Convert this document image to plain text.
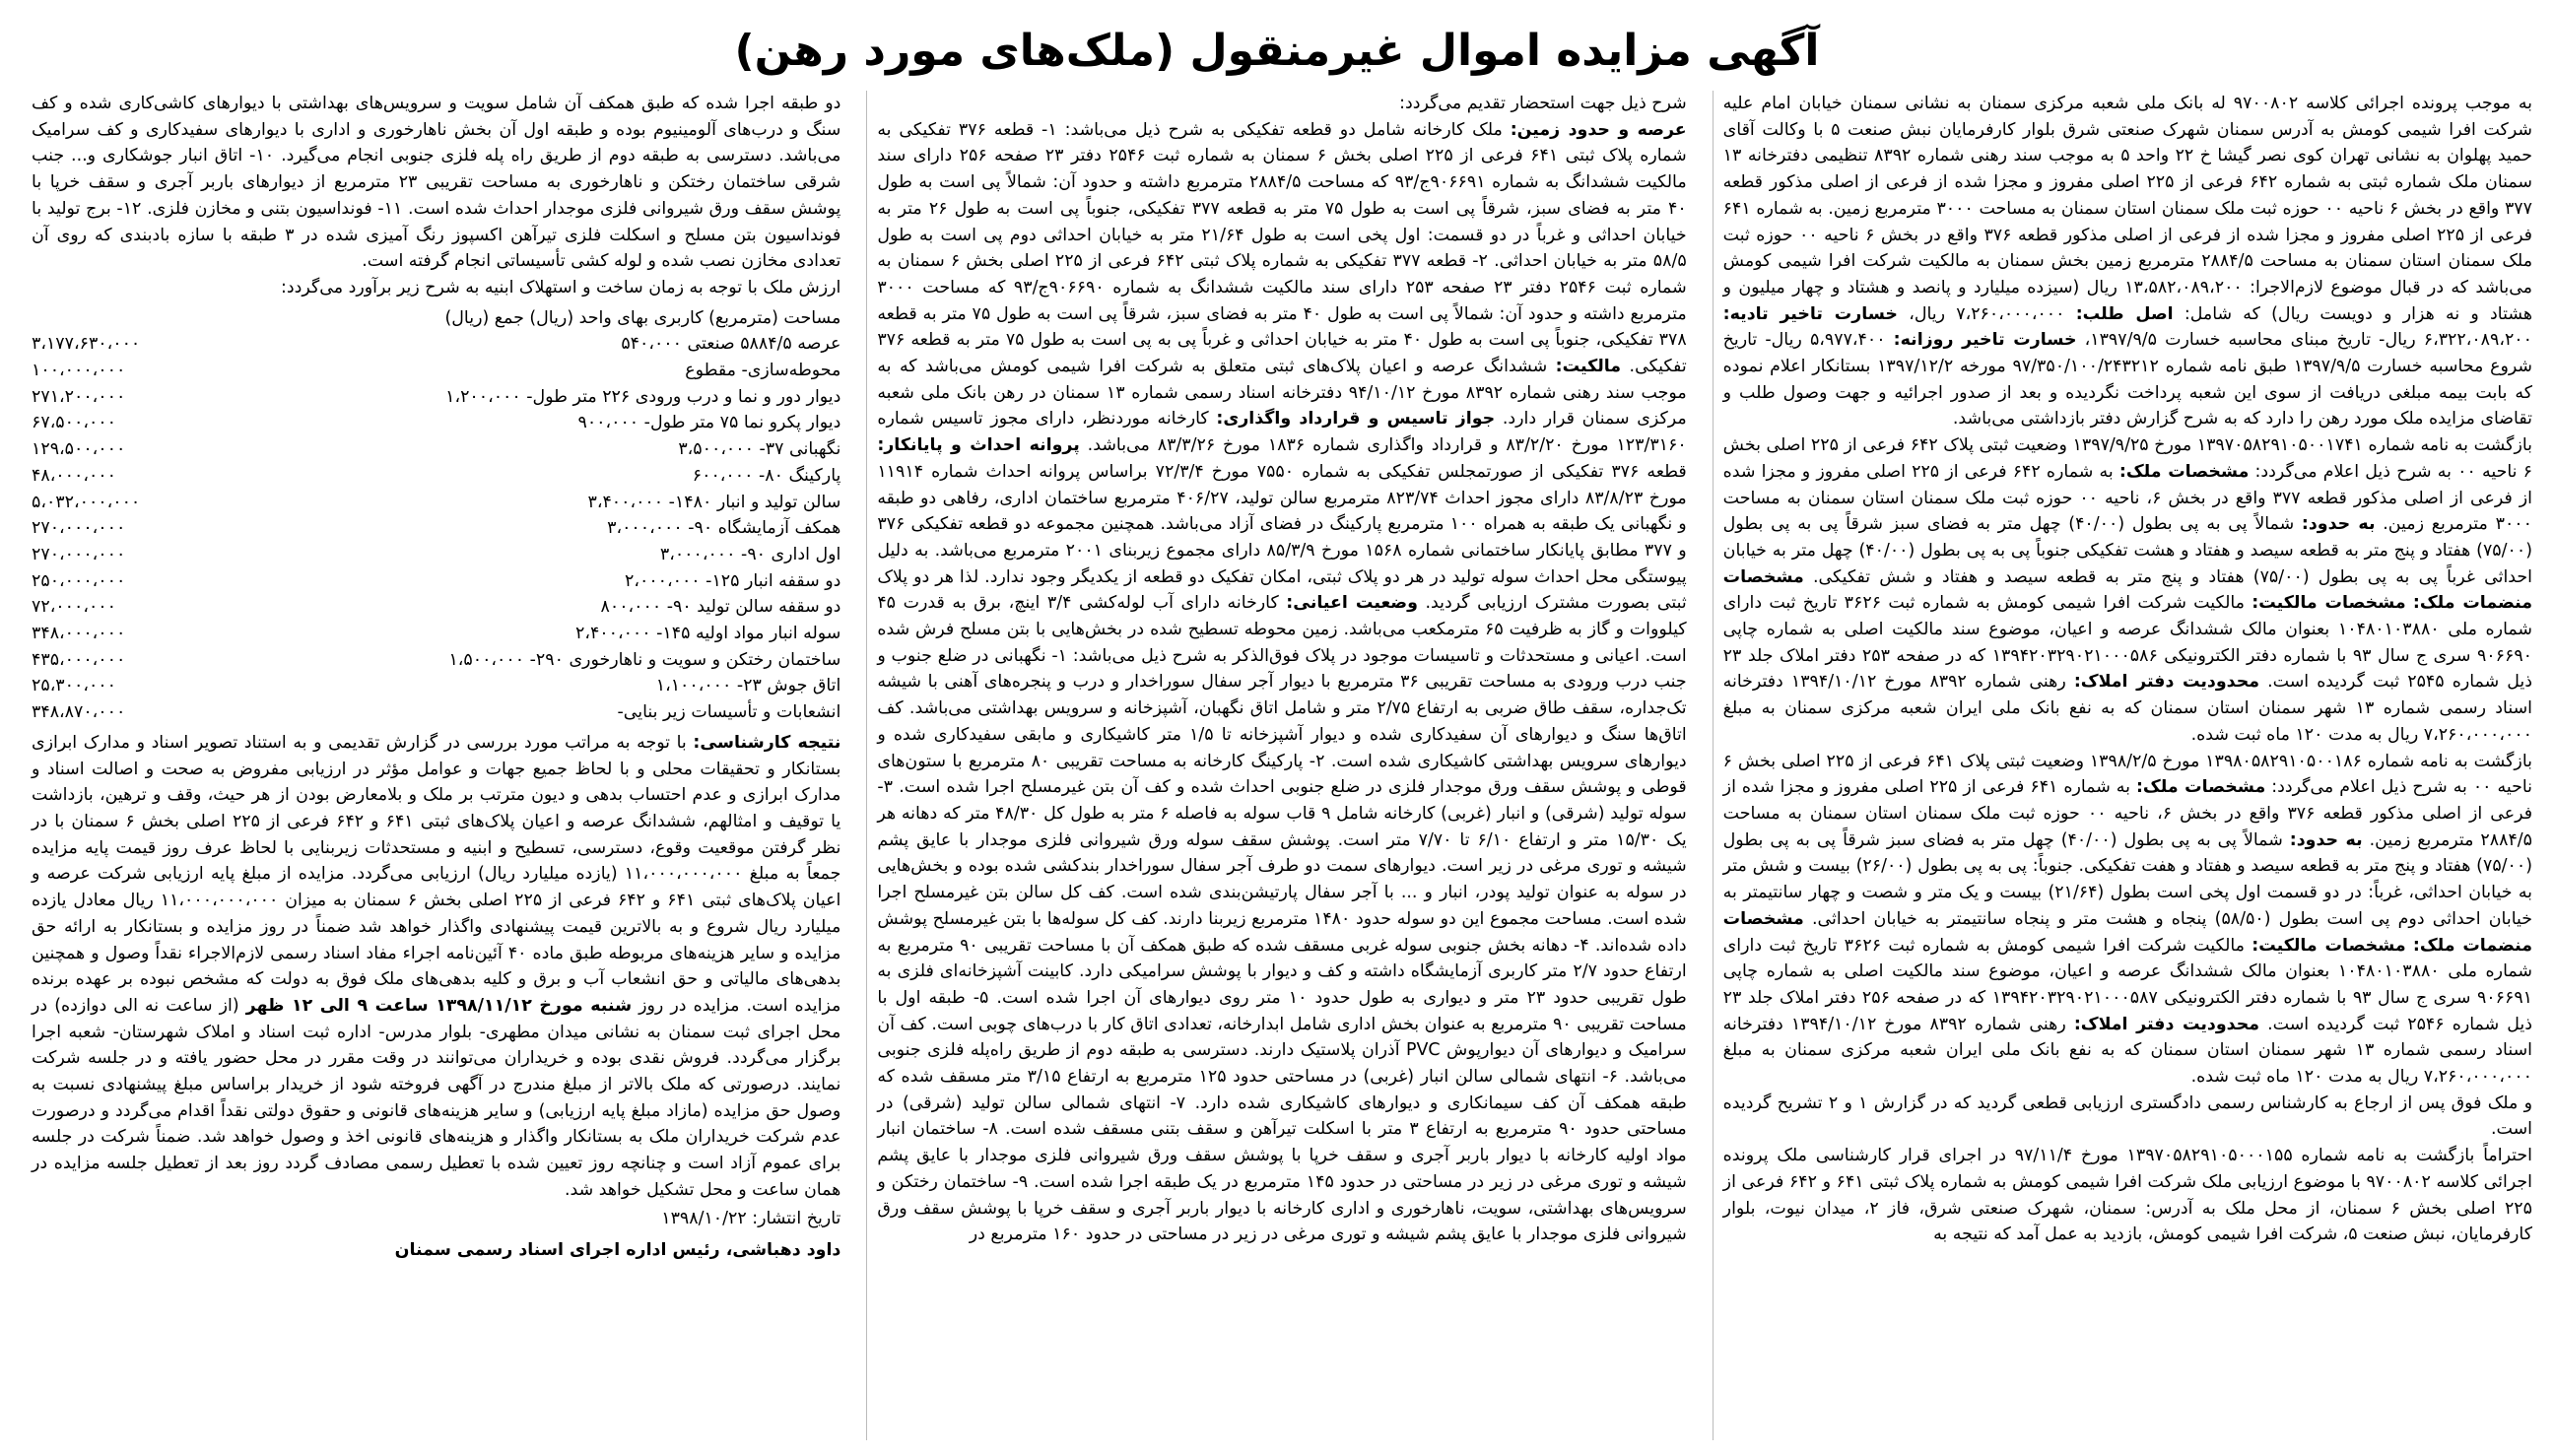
آگهی مزایده اموال غیرمنقول (ملک‌های مورد رهن)

به موجب پرونده اجرائی کلاسه ۹۷۰۰۸۰۲ له بانک ملی شعبه مرکزی سمنان به نشانی سمنان خیابان امام علیه شرکت افرا شیمی کومش به آدرس سمنان شهرک صنعتی شرق بلوار کارفرمایان نبش صنعت ۵ با وکالت آقای حمید پهلوان به نشانی تهران کوی نصر گیشا خ ۲۲ واحد ۵ به موجب سند رهنی شماره ۸۳۹۲ تنظیمی دفترخانه ۱۳ سمنان ملک شماره ثبتی به شماره ۶۴۲ فرعی از ۲۲۵ اصلی مفروز و مجزا شده از فرعی از اصلی مذکور قطعه ۳۷۷ واقع در بخش ۶ ناحیه ۰۰ حوزه ثبت ملک سمنان استان سمنان به مساحت ۳۰۰۰ مترمربع زمین. به شماره ۶۴۱ فرعی از ۲۲۵ اصلی مفروز و مجزا شده از فرعی از اصلی مذکور قطعه ۳۷۶ واقع در بخش ۶ ناحیه ۰۰ حوزه ثبت ملک سمنان استان سمنان به مساحت ۲۸۸۴/۵ مترمربع زمین بخش سمنان به مالکیت شرکت افرا شیمی کومش می‌باشد که در قبال موضوع لازم‌الاجرا: ۱۳،۵۸۲،۰۸۹،۲۰۰ ریال (سیزده میلیارد و پانصد و هشتاد و چهار میلیون و هشتاد و نه هزار و دویست ریال) که شامل: اصل طلب: ۷،۲۶۰،۰۰۰،۰۰۰ ریال، خسارت تاخیر تادیه: ۶،۳۲۲،۰۸۹،۲۰۰ ریال- تاریخ مبنای محاسبه خسارت ۱۳۹۷/۹/۵، خسارت تاخیر روزانه: ۵،۹۷۷،۴۰۰ ریال- تاریخ شروع محاسبه خسارت ۱۳۹۷/۹/۵ طبق نامه شماره ۹۷/۳۵۰/۱۰۰/۲۴۳۲۱۲ مورخه ۱۳۹۷/۱۲/۲ بستانکار اعلام نموده که بابت بیمه مبلغی دریافت از سوی این شعبه پرداخت نگردیده و بعد از صدور اجرائیه و جهت وصول طلب و تقاضای مزایده ملک مورد رهن را دارد که به شرح گزارش دفتر بازداشتی می‌باشد.

بازگشت به نامه شماره ۱۳۹۷۰۵۸۲۹۱۰۵۰۰۱۷۴۱ مورخ ۱۳۹۷/۹/۲۵ وضعیت ثبتی پلاک ۶۴۲ فرعی از ۲۲۵ اصلی بخش ۶ ناحیه ۰۰ به شرح ذیل اعلام می‌گردد: مشخصات ملک: به شماره ۶۴۲ فرعی از ۲۲۵ اصلی مفروز و مجزا شده از فرعی از اصلی مذکور قطعه ۳۷۷ واقع در بخش ۶، ناحیه ۰۰ حوزه ثبت ملک سمنان استان سمنان به مساحت ۳۰۰۰ مترمربع زمین. به حدود: شمالاً پی به پی بطول (۴۰/۰۰) چهل متر به فضای سبز شرقاً پی به پی بطول (۷۵/۰۰) هفتاد و پنج متر به قطعه سیصد و هفتاد و هشت تفکیکی جنوباً پی به پی بطول (۴۰/۰۰) چهل متر به خیابان احداثی غرباً پی به پی بطول (۷۵/۰۰) هفتاد و پنج متر به قطعه سیصد و هفتاد و شش تفکیکی. مشخصات منضمات ملک: مشخصات مالکیت: مالکیت شرکت افرا شیمی کومش به شماره ثبت ۳۶۲۶ تاریخ ثبت دارای شماره ملی ۱۰۴۸۰۱۰۳۸۸۰ بعنوان مالک ششدانگ عرصه و اعیان، موضوع سند مالکیت اصلی به شماره چاپی ۹۰۶۶۹۰ سری ج سال ۹۳ با شماره دفتر الکترونیکی ۱۳۹۴۲۰۳۲۹۰۲۱۰۰۰۵۸۶ که در صفحه ۲۵۳ دفتر املاک جلد ۲۳ ذیل شماره ۲۵۴۵ ثبت گردیده است. محدودیت دفتر املاک: رهنی شماره ۸۳۹۲ مورخ ۱۳۹۴/۱۰/۱۲ دفترخانه اسناد رسمی شماره ۱۳ شهر سمنان استان سمنان که به نفع بانک ملی ایران شعبه مرکزی سمنان به مبلغ ۷،۲۶۰،۰۰۰،۰۰۰ ریال به مدت ۱۲۰ ماه ثبت شده.

بازگشت به نامه شماره ۱۳۹۸۰۵۸۲۹۱۰۵۰۰۱۸۶ مورخ ۱۳۹۸/۲/۵ وضعیت ثبتی پلاک ۶۴۱ فرعی از ۲۲۵ اصلی بخش ۶ ناحیه ۰۰ به شرح ذیل اعلام می‌گردد: مشخصات ملک: به شماره ۶۴۱ فرعی از ۲۲۵ اصلی مفروز و مجزا شده از فرعی از اصلی مذکور قطعه ۳۷۶ واقع در بخش ۶، ناحیه ۰۰ حوزه ثبت ملک سمنان استان سمنان به مساحت ۲۸۸۴/۵ مترمربع زمین. به حدود: شمالاً پی به پی بطول (۴۰/۰۰) چهل متر به فضای سبز شرقاً پی به پی بطول (۷۵/۰۰) هفتاد و پنج متر به قطعه سیصد و هفتاد و هفت تفکیکی. جنوباً: پی به پی بطول (۲۶/۰۰) بیست و شش متر به خیابان احداثی، غرباً: در دو قسمت اول پخی است بطول (۲۱/۶۴) بیست و یک متر و شصت و چهار سانتیمتر به خیابان احداثی دوم پی است بطول (۵۸/۵۰) پنجاه و هشت متر و پنجاه سانتیمتر به خیابان احداثی. مشخصات منضمات ملک: مشخصات مالکیت: مالکیت شرکت افرا شیمی کومش به شماره ثبت ۳۶۲۶ تاریخ ثبت دارای شماره ملی ۱۰۴۸۰۱۰۳۸۸۰ بعنوان مالک ششدانگ عرصه و اعیان، موضوع سند مالکیت اصلی به شماره چاپی ۹۰۶۶۹۱ سری ج سال ۹۳ با شماره دفتر الکترونیکی ۱۳۹۴۲۰۳۲۹۰۲۱۰۰۰۵۸۷ که در صفحه ۲۵۶ دفتر املاک جلد ۲۳ ذیل شماره ۲۵۴۶ ثبت گردیده است. محدودیت دفتر املاک: رهنی شماره ۸۳۹۲ مورخ ۱۳۹۴/۱۰/۱۲ دفترخانه اسناد رسمی شماره ۱۳ شهر سمنان استان سمنان که به نفع بانک ملی ایران شعبه مرکزی سمنان به مبلغ ۷،۲۶۰،۰۰۰،۰۰۰ ریال به مدت ۱۲۰ ماه ثبت شده.

و ملک فوق پس از ارجاع به کارشناس رسمی دادگستری ارزیابی قطعی گردید که در گزارش ۱ و ۲ تشریح گردیده است.

احتراماً بازگشت به نامه شماره ۱۳۹۷۰۵۸۲۹۱۰۵۰۰۰۱۵۵ مورخ ۹۷/۱۱/۴ در اجرای قرار کارشناسی ملک پرونده اجرائی کلاسه ۹۷۰۰۸۰۲ با موضوع ارزیابی ملک شرکت افرا شیمی کومش به شماره پلاک ثبتی ۶۴۱ و ۶۴۲ فرعی از ۲۲۵ اصلی بخش ۶ سمنان، از محل ملک به آدرس: سمنان، شهرک صنعتی شرق، فاز ۲، میدان نیوت، بلوار کارفرمایان، نبش صنعت ۵، شرکت افرا شیمی کومش، بازدید به عمل آمد که نتیجه به

شرح ذیل جهت استحضار تقدیم می‌گردد:

عرصه و حدود زمین: ملک کارخانه شامل دو قطعه تفکیکی به شرح ذیل می‌باشد: ۱- قطعه ۳۷۶ تفکیکی به شماره پلاک ثبتی ۶۴۱ فرعی از ۲۲۵ اصلی بخش ۶ سمنان به شماره ثبت ۲۵۴۶ دفتر ۲۳ صفحه ۲۵۶ دارای سند مالکیت ششدانگ به شماره ۹۰۶۶۹۱ج/۹۳ که مساحت ۲۸۸۴/۵ مترمربع داشته و حدود آن: شمالاً پی است به طول ۴۰ متر به فضای سبز، شرقاً پی است به طول ۷۵ متر به قطعه ۳۷۷ تفکیکی، جنوباً پی است به طول ۲۶ متر به خیابان احداثی و غرباً در دو قسمت: اول پخی است به طول ۲۱/۶۴ متر به خیابان احداثی دوم پی است به طول ۵۸/۵ متر به خیابان احداثی. ۲- قطعه ۳۷۷ تفکیکی به شماره پلاک ثبتی ۶۴۲ فرعی از ۲۲۵ اصلی بخش ۶ سمنان به شماره ثبت ۲۵۴۶ دفتر ۲۳ صفحه ۲۵۳ دارای سند مالکیت ششدانگ به شماره ۹۰۶۶۹۰ج/۹۳ که مساحت ۳۰۰۰ مترمربع داشته و حدود آن: شمالاً پی است به طول ۴۰ متر به فضای سبز، شرقاً پی است به طول ۷۵ متر به قطعه ۳۷۸ تفکیکی، جنوباً پی است به طول ۴۰ متر به خیابان احداثی و غرباً پی به پی است به طول ۷۵ متر به قطعه ۳۷۶ تفکیکی. مالکیت: ششدانگ عرصه و اعیان پلاک‌های ثبتی متعلق به شرکت افرا شیمی کومش می‌باشد که به موجب سند رهنی شماره ۸۳۹۲ مورخ ۹۴/۱۰/۱۲ دفترخانه اسناد رسمی شماره ۱۳ سمنان در رهن بانک ملی شعبه مرکزی سمنان قرار دارد. جواز تاسیس و قرارداد واگذاری: کارخانه موردنظر، دارای مجوز تاسیس شماره ۱۲۳/۳۱۶۰ مورخ ۸۳/۲/۲۰ و قرارداد واگذاری شماره ۱۸۳۶ مورخ ۸۳/۳/۲۶ می‌باشد. پروانه احداث و پایانکار: قطعه ۳۷۶ تفکیکی از صورتمجلس تفکیکی به شماره ۷۵۵۰ مورخ ۷۲/۳/۴ براساس پروانه احداث شماره ۱۱۹۱۴ مورخ ۸۳/۸/۲۳ دارای مجوز احداث ۸۲۳/۷۴ مترمربع سالن تولید، ۴۰۶/۲۷ مترمربع ساختمان اداری، رفاهی دو طبقه و نگهبانی یک طبقه به همراه ۱۰۰ مترمربع پارکینگ در فضای آزاد می‌باشد. همچنین مجموعه دو قطعه تفکیکی ۳۷۶ و ۳۷۷ مطابق پایانکار ساختمانی شماره ۱۵۶۸ مورخ ۸۵/۳/۹ دارای مجموع زیربنای ۲۰۰۱ مترمربع می‌باشد. به دلیل پیوستگی محل احداث سوله تولید در هر دو پلاک ثبتی، امکان تفکیک دو قطعه از یکدیگر وجود ندارد. لذا هر دو پلاک ثبتی بصورت مشترک ارزیابی گردید. وضعیت اعیانی: کارخانه دارای آب لوله‌کشی ۳/۴ اینچ، برق به قدرت ۴۵ کیلووات و گاز به ظرفیت ۶۵ مترمکعب می‌باشد. زمین محوطه تسطیح شده در بخش‌هایی با بتن مسلح فرش شده است. اعیانی و مستحدثات و تاسیسات موجود در پلاک فوق‌الذکر به شرح ذیل می‌باشد: ۱- نگهبانی در ضلع جنوب و جنب درب ورودی به مساحت تقریبی ۳۶ مترمربع با دیوار آجر سفال سوراخدار و درب و پنجره‌های آهنی با شیشه تک‌جداره، سقف طاق ضربی به ارتفاع ۲/۷۵ متر و شامل اتاق نگهبان، آشپزخانه و سرویس بهداشتی می‌باشد. کف اتاق‌ها سنگ و دیوارهای آن سفیدکاری شده و دیوار آشپزخانه تا ۱/۵ متر کاشیکاری و مابقی سفیدکاری شده و دیوارهای سرویس بهداشتی کاشیکاری شده است. ۲- پارکینگ کارخانه به مساحت تقریبی ۸۰ مترمربع با ستون‌های قوطی و پوشش سقف ورق موجدار فلزی در ضلع جنوبی احداث شده و کف آن بتن غیرمسلح اجرا شده است. ۳- سوله تولید (شرقی) و انبار (غربی) کارخانه شامل ۹ قاب سوله به فاصله ۶ متر به طول کل ۴۸/۳۰ متر که دهانه هر یک ۱۵/۳۰ متر و ارتفاع ۶/۱۰ تا ۷/۷۰ متر است. پوشش سقف سوله ورق شیروانی فلزی موجدار با عایق پشم شیشه و توری مرغی در زیر است. دیوارهای سمت دو طرف آجر سفال سوراخدار بندکشی شده بوده و بخش‌هایی در سوله به عنوان تولید پودر، انبار و ... با آجر سفال پارتیشن‌بندی شده است. کف کل سالن بتن غیرمسلح اجرا شده است. مساحت مجموع این دو سوله حدود ۱۴۸۰ مترمربع زیربنا دارند. کف کل سوله‌ها با بتن غیرمسلح پوشش داده شده‌اند. ۴- دهانه بخش جنوبی سوله غربی مسقف شده که طبق همکف آن با مساحت تقریبی ۹۰ مترمربع به ارتفاع حدود ۲/۷ متر کاربری آزمایشگاه داشته و کف و دیوار با پوشش سرامیکی دارد. کابینت آشپزخانه‌ای فلزی به طول تقریبی حدود ۲۳ متر و دیواری به طول حدود ۱۰ متر روی دیوارهای آن اجرا شده است. ۵- طبقه اول با مساحت تقریبی ۹۰ مترمربع به عنوان بخش اداری شامل ابدارخانه، تعدادی اتاق کار با درب‌های چوبی است. کف آن سرامیک و دیوارهای آن دیوارپوش PVC آذران پلاستیک دارند. دسترسی به طبقه دوم از طریق راه‌پله فلزی جنوبی می‌باشد. ۶- انتهای شمالی سالن انبار (غربی) در مساحتی حدود ۱۲۵ مترمربع به ارتفاع ۳/۱۵ متر مسقف شده که طبقه همکف آن کف سیمانکاری و دیوارهای کاشیکاری شده دارد. ۷- انتهای شمالی سالن تولید (شرقی) در مساحتی حدود ۹۰ مترمربع به ارتفاع ۳ متر با اسکلت تیرآهن و سقف بتنی مسقف شده است. ۸- ساختمان انبار مواد اولیه کارخانه با دیوار باربر آجری و سقف خرپا با پوشش سقف ورق شیروانی فلزی موجدار با عایق پشم شیشه و توری مرغی در زیر در مساحتی در حدود ۱۴۵ مترمربع در یک طبقه اجرا شده است. ۹- ساختمان رختکن و سرویس‌های بهداشتی، سویت، ناهارخوری و اداری کارخانه با دیوار باربر آجری و سقف خرپا با پوشش سقف ورق شیروانی فلزی موجدار با عایق پشم شیشه و توری مرغی در زیر در مساحتی در حدود ۱۶۰ مترمربع در

دو طبقه اجرا شده که طبق همکف آن شامل سویت و سرویس‌های بهداشتی با دیوارهای کاشی‌کاری شده و کف سنگ و درب‌های آلومینیوم بوده و طبقه اول آن بخش ناهارخوری و اداری با دیوارهای سفیدکاری و کف سرامیک می‌باشد. دسترسی به طبقه دوم از طریق راه پله فلزی جنوبی انجام می‌گیرد. ۱۰- اتاق انبار جوشکاری و... جنب شرقی ساختمان رختکن و ناهارخوری به مساحت تقریبی ۲۳ مترمربع از دیوارهای باربر آجری و سقف خرپا با پوشش سقف ورق شیروانی فلزی موجدار احداث شده است. ۱۱- فونداسیون بتنی و مخازن فلزی. ۱۲- برج تولید با فونداسیون بتن مسلح و اسکلت فلزی تیرآهن اکسپوز رنگ آمیزی شده در ۳ طبقه با سازه بادبندی که روی آن تعدادی مخازن نصب شده و لوله کشی تأسیساتی انجام گرفته است.

ارزش ملک با توجه به زمان ساخت و استهلاک ابنیه به شرح زیر برآورد می‌گردد:

مساحت (مترمربع) کاربری بهای واحد (ریال) جمع (ریال)
عرصه ۵۸۸۴/۵ صنعتی ۵۴۰،۰۰۰
۳،۱۷۷،۶۳۰،۰۰۰
محوطه‌سازی- مقطوع
۱۰۰،۰۰۰،۰۰۰
دیوار دور و نما و درب ورودی ۲۲۶ متر طول- ۱،۲۰۰،۰۰۰
۲۷۱،۲۰۰،۰۰۰
دیوار پکرو نما ۷۵ متر طول- ۹۰۰،۰۰۰
۶۷،۵۰۰،۰۰۰
نگهبانی ۳۷- ۳،۵۰۰،۰۰۰
۱۲۹،۵۰۰،۰۰۰
پارکینگ ۸۰- ۶۰۰،۰۰۰
۴۸،۰۰۰،۰۰۰
سالن تولید و انبار ۱۴۸۰- ۳،۴۰۰،۰۰۰
۵،۰۳۲،۰۰۰،۰۰۰
همکف آزمایشگاه ۹۰- ۳،۰۰۰،۰۰۰
۲۷۰،۰۰۰،۰۰۰
اول اداری ۹۰- ۳،۰۰۰،۰۰۰
۲۷۰،۰۰۰،۰۰۰
دو سقفه انبار ۱۲۵- ۲،۰۰۰،۰۰۰
۲۵۰،۰۰۰،۰۰۰
دو سقفه سالن تولید ۹۰- ۸۰۰،۰۰۰
۷۲،۰۰۰،۰۰۰
سوله انبار مواد اولیه ۱۴۵- ۲،۴۰۰،۰۰۰
۳۴۸،۰۰۰،۰۰۰
ساختمان رختکن و سویت و ناهارخوری ۲۹۰- ۱،۵۰۰،۰۰۰
۴۳۵،۰۰۰،۰۰۰
اتاق جوش ۲۳- ۱،۱۰۰،۰۰۰
۲۵،۳۰۰،۰۰۰
انشعابات و تأسیسات زیر بنایی-
۳۴۸،۸۷۰،۰۰۰

نتیجه کارشناسی: با توجه به مراتب مورد بررسی در گزارش تقدیمی و به استناد تصویر اسناد و مدارک ابرازی بستانکار و تحقیقات محلی و با لحاظ جمیع جهات و عوامل مؤثر در ارزیابی مفروض به صحت و اصالت اسناد و مدارک ابرازی و عدم احتساب بدهی و دیون مترتب بر ملک و بلامعارض بودن از هر حیث، وقف و ترهین، بازداشت یا توقیف و امثالهم، ششدانگ عرصه و اعیان پلاک‌های ثبتی ۶۴۱ و ۶۴۲ فرعی از ۲۲۵ اصلی بخش ۶ سمنان با در نظر گرفتن موقعیت وقوع، دسترسی، تسطیح و ابنیه و مستحدثات زیربنایی با لحاظ عرف روز قیمت پایه مزایده جمعاً به مبلغ ۱۱،۰۰۰،۰۰۰،۰۰۰ (یازده میلیارد ریال) ارزیابی می‌گردد. مزایده از مبلغ پایه ارزیابی شرکت عرصه و اعیان پلاک‌های ثبتی ۶۴۱ و ۶۴۲ فرعی از ۲۲۵ اصلی بخش ۶ سمنان به میزان ۱۱،۰۰۰،۰۰۰،۰۰۰ ریال معادل یازده میلیارد ریال شروع و به بالاترین قیمت پیشنهادی واگذار خواهد شد ضمناً در روز مزایده و بستانکار به ارائه حق مزایده و سایر هزینه‌های مربوطه طبق ماده ۴۰ آئین‌نامه اجراء مفاد اسناد رسمی لازم‌الاجراء نقداً وصول و همچنین بدهی‌های مالیاتی و حق انشعاب آب و برق و کلیه بدهی‌های ملک فوق به دولت که مشخص نبوده بر عهده برنده مزایده است. مزایده در روز شنبه مورخ ۱۳۹۸/۱۱/۱۲ ساعت ۹ الی ۱۲ ظهر (از ساعت نه الی دوازده) در محل اجرای ثبت سمنان به نشانی میدان مطهری- بلوار مدرس- اداره ثبت اسناد و املاک شهرستان- شعبه اجرا برگزار می‌گردد. فروش نقدی بوده و خریداران می‌توانند در وقت مقرر در محل حضور یافته و در جلسه شرکت نمایند. درصورتی که ملک بالاتر از مبلغ مندرج در آگهی فروخته شود از خریدار براساس مبلغ پیشنهادی نسبت به وصول حق مزایده (مازاد مبلغ پایه ارزیابی) و سایر هزینه‌های قانونی و حقوق دولتی نقداً اقدام می‌گردد و درصورت عدم شرکت خریداران ملک به بستانکار واگذار و هزینه‌های قانونی اخذ و وصول خواهد شد. ضمناً شرکت در جلسه برای عموم آزاد است و چنانچه روز تعیین شده با تعطیل رسمی مصادف گردد روز بعد از تعطیل جلسه مزایده در همان ساعت و محل تشکیل خواهد شد.

تاریخ انتشار: ۱۳۹۸/۱۰/۲۲
داود دهباشی، رئیس اداره اجرای اسناد رسمی سمنان
